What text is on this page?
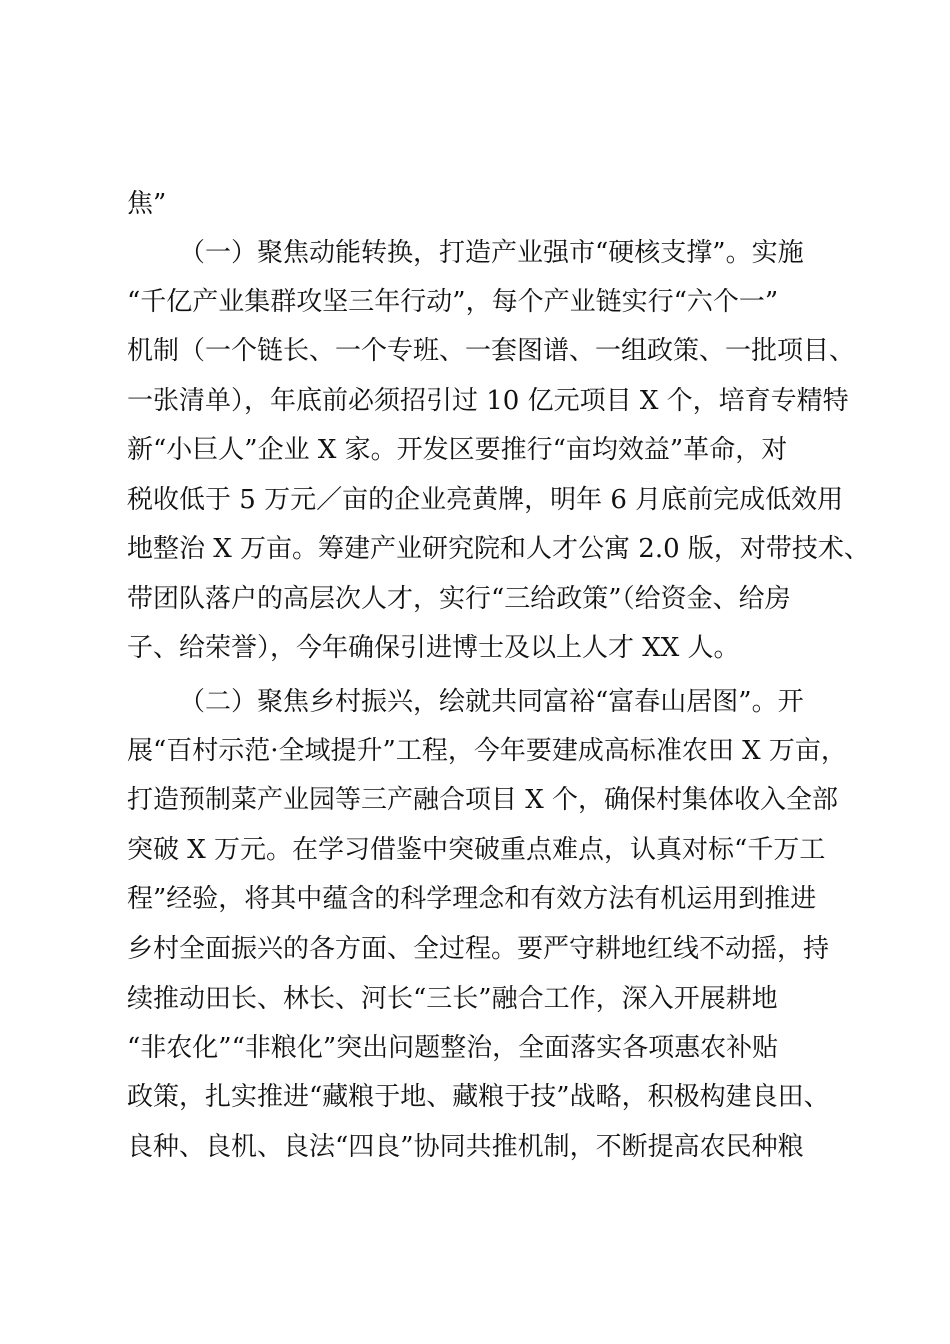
焦”
（一）聚焦动能转换，打造产业强市“硬核支撑”。实施
“千亿产业集群攻坚三年行动”，每个产业链实行“六个一”
机制（一个链长、一个专班、一套图谱、一组政策、一批项目、
一张清单），年底前必须招引过 10 亿元项目 X 个，培育专精特
新“小巨人”企业 X 家。开发区要推行“亩均效益”革命，对
税收低于 5 万元／亩的企业亮黄牌，明年 6 月底前完成低效用
地整治 X 万亩。筹建产业研究院和人才公寓 2.0 版，对带技术、
带团队落户的高层次人才，实行“三给政策”（给资金、给房
子、给荣誉），今年确保引进博士及以上人才 XX 人。
（二）聚焦乡村振兴，绘就共同富裕“富春山居图”。开
展“百村示范·全域提升”工程，今年要建成高标准农田 X 万亩，
打造预制菜产业园等三产融合项目 X 个，确保村集体收入全部
突破 X 万元。在学习借鉴中突破重点难点，认真对标“千万工
程”经验，将其中蕴含的科学理念和有效方法有机运用到推进
乡村全面振兴的各方面、全过程。要严守耕地红线不动摇，持
续推动田长、林长、河长“三长”融合工作，深入开展耕地
“非农化”“非粮化”突出问题整治，全面落实各项惠农补贴
政策，扎实推进“藏粮于地、藏粮于技”战略，积极构建良田、
良种、良机、良法“四良”协同共推机制，不断提高农民种粮
